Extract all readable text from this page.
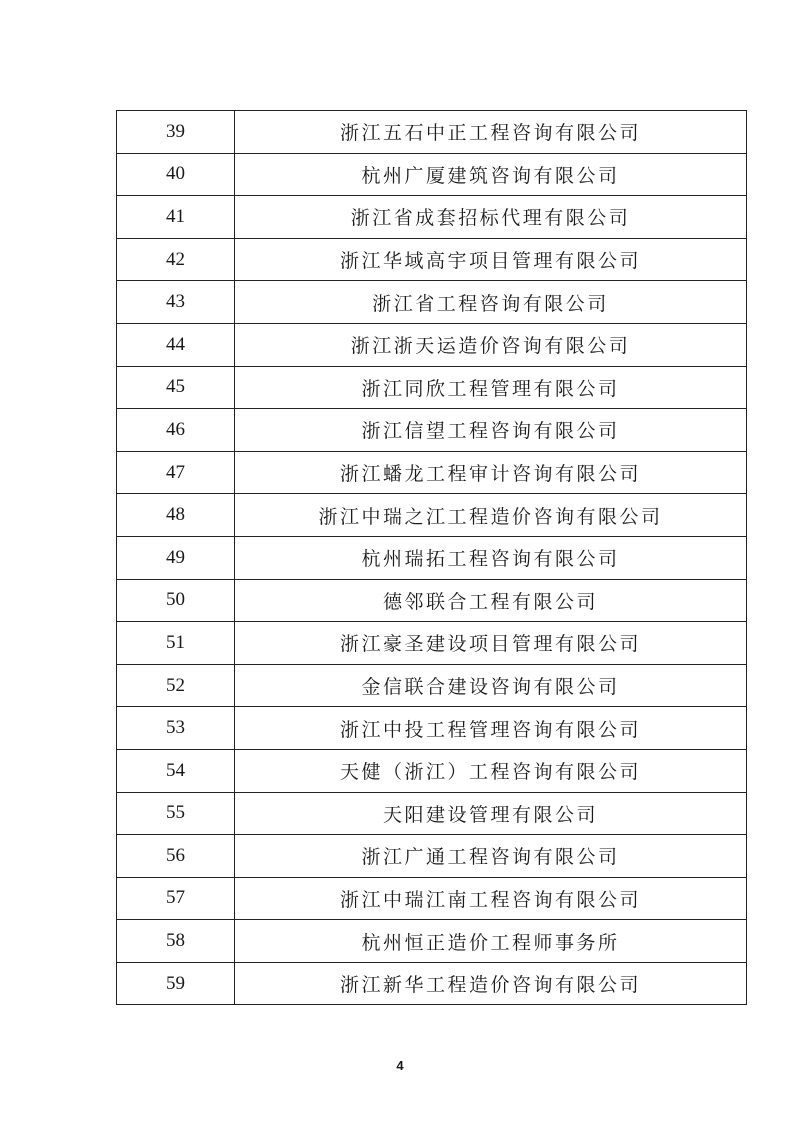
39	浙江五石中正工程咨询有限公司
40	杭州广厦建筑咨询有限公司
41	浙江省成套招标代理有限公司
42	浙江华域高宇项目管理有限公司
43	浙江省工程咨询有限公司
44	浙江浙天运造价咨询有限公司
45	浙江同欣工程管理有限公司
46	浙江信望工程咨询有限公司
47	浙江蟠龙工程审计咨询有限公司
48	浙江中瑞之江工程造价咨询有限公司
49	杭州瑞拓工程咨询有限公司
50	德邻联合工程有限公司
51	浙江豪圣建设项目管理有限公司
52	金信联合建设咨询有限公司
53	浙江中投工程管理咨询有限公司
54	天健（浙江）工程咨询有限公司
55	天阳建设管理有限公司
56	浙江广通工程咨询有限公司
57	浙江中瑞江南工程咨询有限公司
58	杭州恒正造价工程师事务所
59	浙江新华工程造价咨询有限公司
4
